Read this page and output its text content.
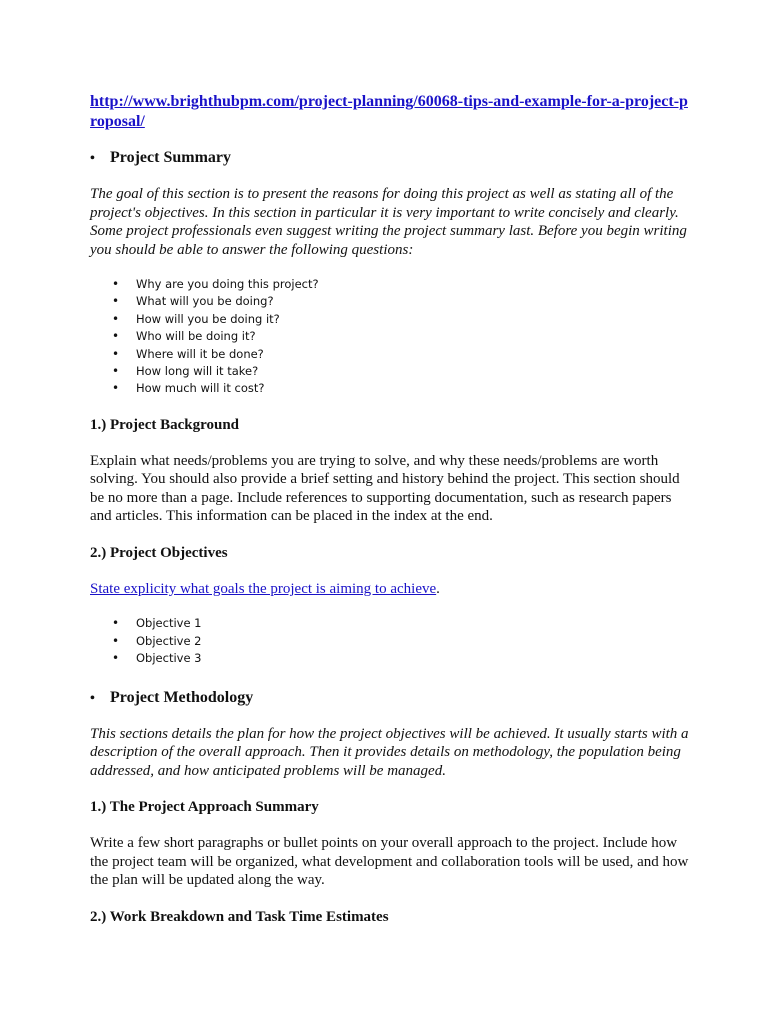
http://www.brighthubpm.com/project-planning/60068-tips-and-example-for-a-project-proposal/
• Project Summary

The goal of this section is to present the reasons for doing this project as well as stating all of the project's objectives. In this section in particular it is very important to write concisely and clearly. Some project professionals even suggest writing the project summary last. Before you begin writing you should be able to answer the following questions:

•	Why are you doing this project?
•	What will you be doing?
•	How will you be doing it?
•	Who will be doing it?
•	Where will it be done?
•	How long will it take?
•	How much will it cost?
1.) Project Background

Explain what needs/problems you are trying to solve, and why these needs/problems are worth solving. You should also provide a brief setting and history behind the project. This section should be no more than a page. Include references to supporting documentation, such as research papers and articles. This information can be placed in the index at the end.

2.) Project Objectives

State explicity what goals the project is aiming to achieve.

•	Objective 1
•	Objective 2
•	Objective 3
• Project Methodology

This sections details the plan for how the project objectives will be achieved. It usually starts with a description of the overall approach. Then it provides details on methodology, the population being addressed, and how anticipated problems will be managed.

1.) The Project Approach Summary

Write a few short paragraphs or bullet points on your overall approach to the project. Include how the project team will be organized, what development and collaboration tools will be used, and how the plan will be updated along the way.

2.) Work Breakdown and Task Time Estimates
